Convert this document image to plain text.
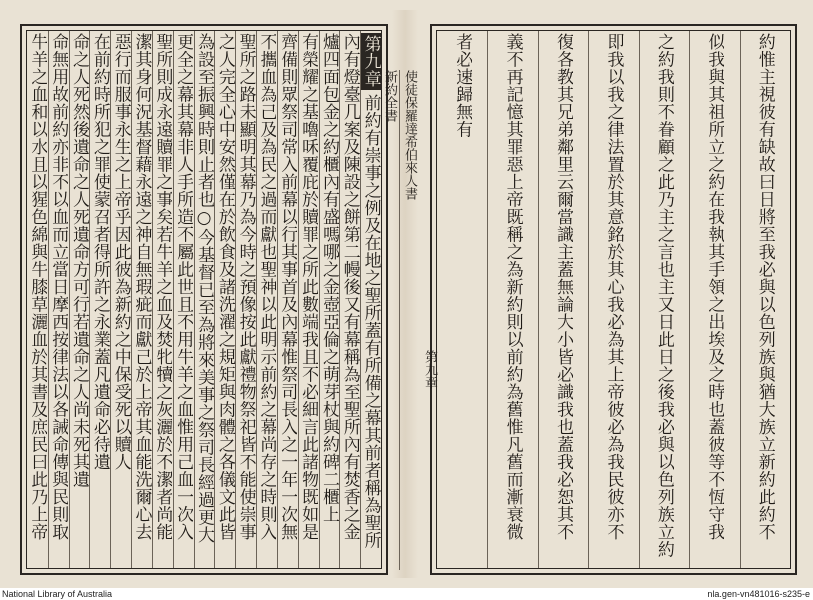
牛羊之血和以水且以猩色綿與牛膝草灑血於其書及庶民曰此乃上帝 命無用故前約亦非不以血而立當日摩西按律法以各誡命傳與民則取 命之人死然後遺命之人死遺命方可行若遺命之人尚未死其遺 在前約時所犯之罪使蒙召者得所許之永業蓋凡遺命必待遺 惡行而服事永生之上帝乎因此彼為新約之中保受死以贖人 潔其身何況基督藉永遠之神自無瑕疵而獻己於上帝其血能洗爾心去 聖所則成永遠贖罪之事矣若牛羊之血及焚牝犢之灰灑於不潔者尚能 更全之幕其幕非人手所造不屬此世且不用牛羊之血惟用己血一次入 為設至振興時則止者也○今基督已至為將來美事之祭司長經過更大 之人完全心中安然僅在於飲食及諸洗濯之規矩與肉體之各儀文此皆 聖所之路未顯明其幕乃為今時之預像按此獻禮物祭祀皆不能使崇事 不攜血為己及為民之過而獻也聖神以此明示前約之幕尚存之時則入 齊備則眾祭司常入前幕以行其事首及內幕惟祭司長入之一年一次無 有榮耀之基嚕咊覆庇於贖罪之所此數端我且不必細言此諸物既如是 爐四面包金之約櫃內有盛嗎哪之金壺亞倫之萌芽杖與約碑二櫃上 內有燈臺几案及陳設之餅第二幔後又有幕稱為至聖所內有焚香之金 第九章前約有崇事之例及在地之聖所蓋有所備之幕其前者稱為聖所
者必速歸無有 義不再記憶其罪惡上帝既稱之為新約則以前約為舊惟凡舊而漸衰微 復各教其兄弟鄰里云爾當識主蓋無論大小皆必識我也蓋我必恕其不 即我以我之律法置於其意銘於其心我必為其上帝彼必為我民彼亦不 之約我則不眷顧之此乃主之言也主又日此日之後我必與以色列族立約 似我與其祖所立之約在我執其手領之出埃及之時也蓋彼等不恆守我 約惟主視彼有缺故曰日將至我必與以色列族與猶大族立新約此約不
新約全書 使徒保羅達希伯來人書
第九章
National Library of Australia	nla.gen-vn481016-s235-e
